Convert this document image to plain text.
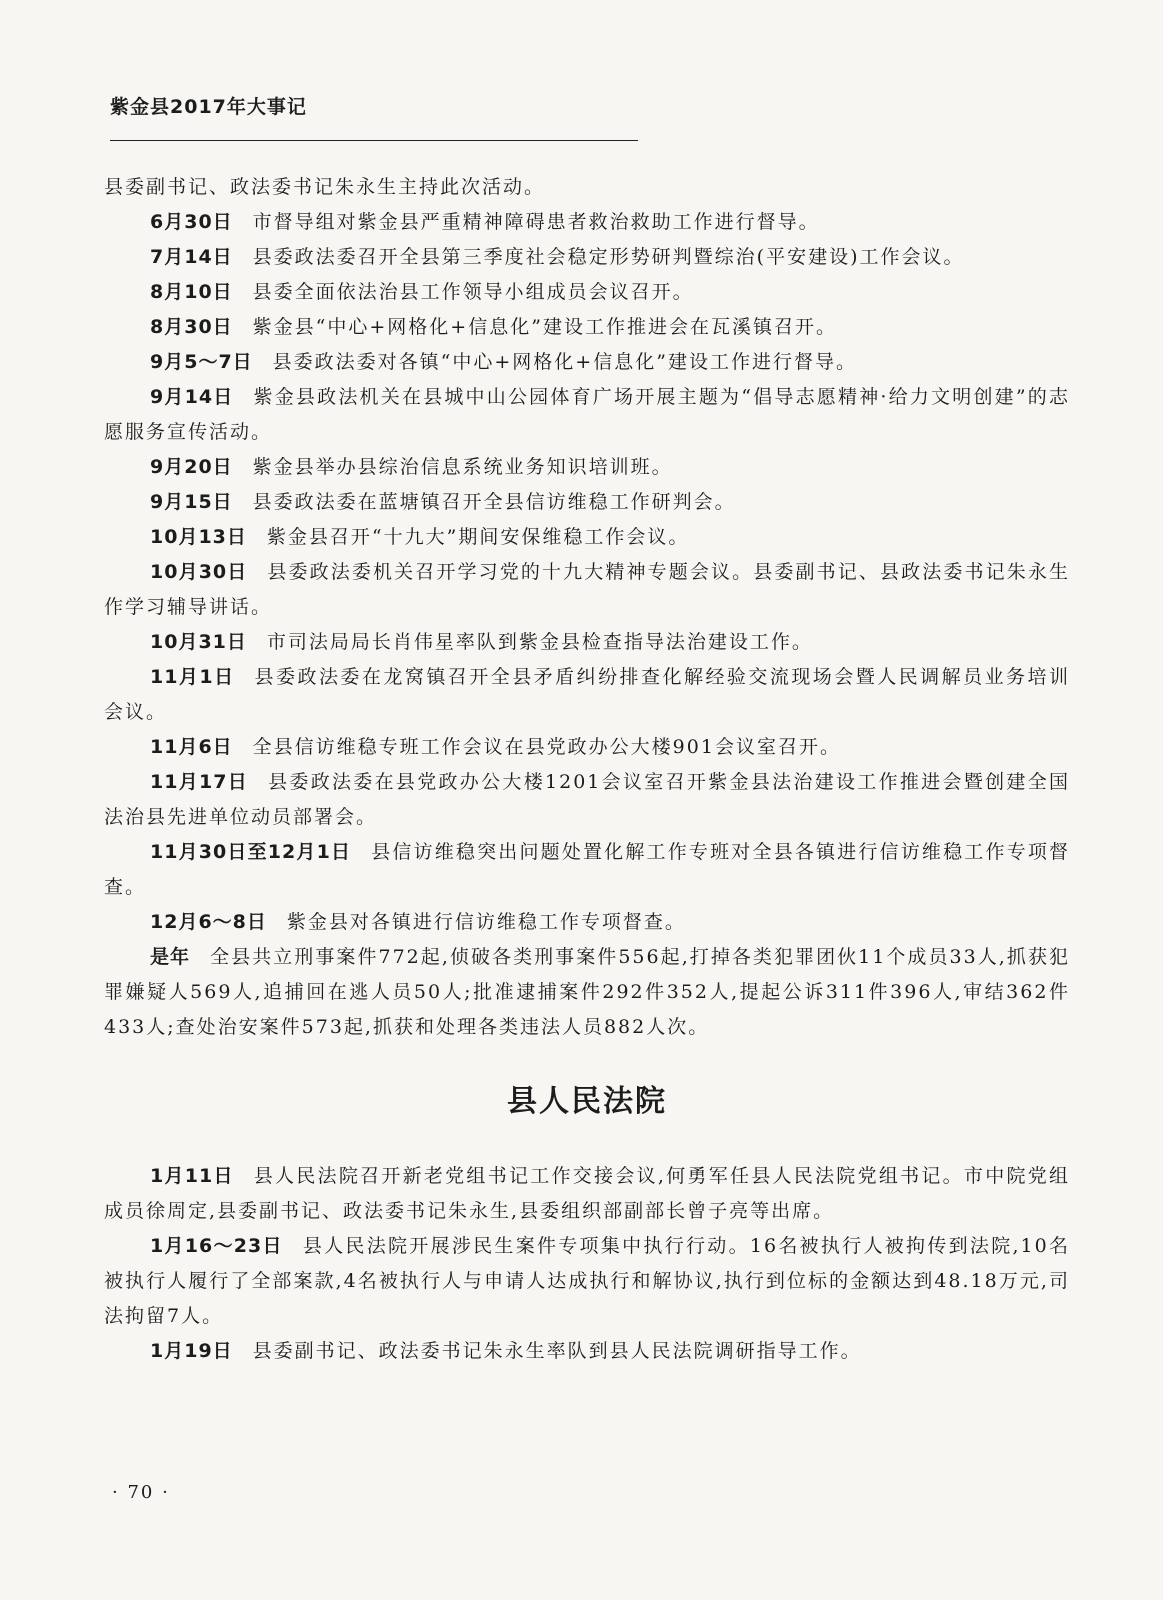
紫金县2017年大事记

县委副书记、政法委书记朱永生主持此次活动。

6月30日 市督导组对紫金县严重精神障碍患者救治救助工作进行督导。

7月14日 县委政法委召开全县第三季度社会稳定形势研判暨综治(平安建设)工作会议。

8月10日 县委全面依法治县工作领导小组成员会议召开。

8月30日 紫金县“中心+网格化+信息化”建设工作推进会在瓦溪镇召开。

9月5～7日 县委政法委对各镇“中心+网格化+信息化”建设工作进行督导。

9月14日 紫金县政法机关在县城中山公园体育广场开展主题为“倡导志愿精神·给力文明创建”的志愿服务宣传活动。

9月20日 紫金县举办县综治信息系统业务知识培训班。

9月15日 县委政法委在蓝塘镇召开全县信访维稳工作研判会。

10月13日 紫金县召开“十九大”期间安保维稳工作会议。

10月30日 县委政法委机关召开学习党的十九大精神专题会议。县委副书记、县政法委书记朱永生作学习辅导讲话。

10月31日 市司法局局长肖伟星率队到紫金县检查指导法治建设工作。

11月1日 县委政法委在龙窝镇召开全县矛盾纠纷排查化解经验交流现场会暨人民调解员业务培训会议。

11月6日 全县信访维稳专班工作会议在县党政办公大楼901会议室召开。

11月17日 县委政法委在县党政办公大楼1201会议室召开紫金县法治建设工作推进会暨创建全国法治县先进单位动员部署会。

11月30日至12月1日 县信访维稳突出问题处置化解工作专班对全县各镇进行信访维稳工作专项督查。

12月6～8日 紫金县对各镇进行信访维稳工作专项督查。

是年 全县共立刑事案件772起,侦破各类刑事案件556起,打掉各类犯罪团伙11个成员33人,抓获犯罪嫌疑人569人,追捕回在逃人员50人;批准逮捕案件292件352人,提起公诉311件396人,审结362件433人;查处治安案件573起,抓获和处理各类违法人员882人次。

县人民法院

1月11日 县人民法院召开新老党组书记工作交接会议,何勇军任县人民法院党组书记。市中院党组成员徐周定,县委副书记、政法委书记朱永生,县委组织部副部长曾子亮等出席。

1月16～23日 县人民法院开展涉民生案件专项集中执行行动。16名被执行人被拘传到法院,10名被执行人履行了全部案款,4名被执行人与申请人达成执行和解协议,执行到位标的金额达到48.18万元,司法拘留7人。

1月19日 县委副书记、政法委书记朱永生率队到县人民法院调研指导工作。

· 70 ·
